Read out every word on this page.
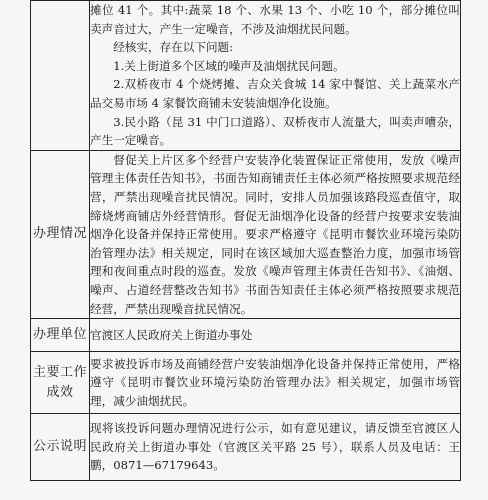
	摊位 41 个。其中:蔬菜 18 个、水果 13 个、小吃 10 个，部分摊位叫卖声音过大，产生一定噪音，不涉及油烟扰民问题。
经核实，存在以下问题:
1.关上街道多个区域的噪声及油烟扰民问题。
2.双桥夜市 4 个烧烤摊、吉众关食城 14 家中餐馆、关上蔬菜水产品交易市场 4 家餐饮商铺未安装油烟净化设施。
3.民小路（昆 31 中门口道路）、双桥夜市人流量大，叫卖声嘈杂，产生一定噪音。

办理情况	督促关上片区多个经营户安装净化装置保证正常使用，发放《噪声管理主体责任告知书》，书面告知商铺责任主体必须严格按照要求规范经营，严禁出现噪音扰民情况。同时，安排人员加强该路段巡查值守，取缔烧烤商铺店外经营情形。督促无油烟净化设备的经营户按要求安装油烟净化设备并保持正常使用。要求严格遵守《昆明市餐饮业环境污染防治管理办法》相关规定，同时在该区域加大巡查整治力度，加强市场管理和夜间重点时段的巡查。发放《噪声管理主体责任告知书》、《油烟、噪声、占道经营整改告知书》书面告知责任主体必须严格按照要求规范经营，严禁出现噪音扰民情况。

办理单位	官渡区人民政府关上街道办事处

主要工作
成效	要求被投诉市场及商铺经营户安装油烟净化设备并保持正常使用，严格遵守《昆明市餐饮业环境污染防治管理办法》相关规定，加强市场管理，减少油烟扰民。

公示说明	现将该投诉问题办理情况进行公示，如有意见建议，请反馈至官渡区人民政府关上街道办事处（官渡区关平路 25 号），联系人员及电话：王鹏，0871—67179643。
